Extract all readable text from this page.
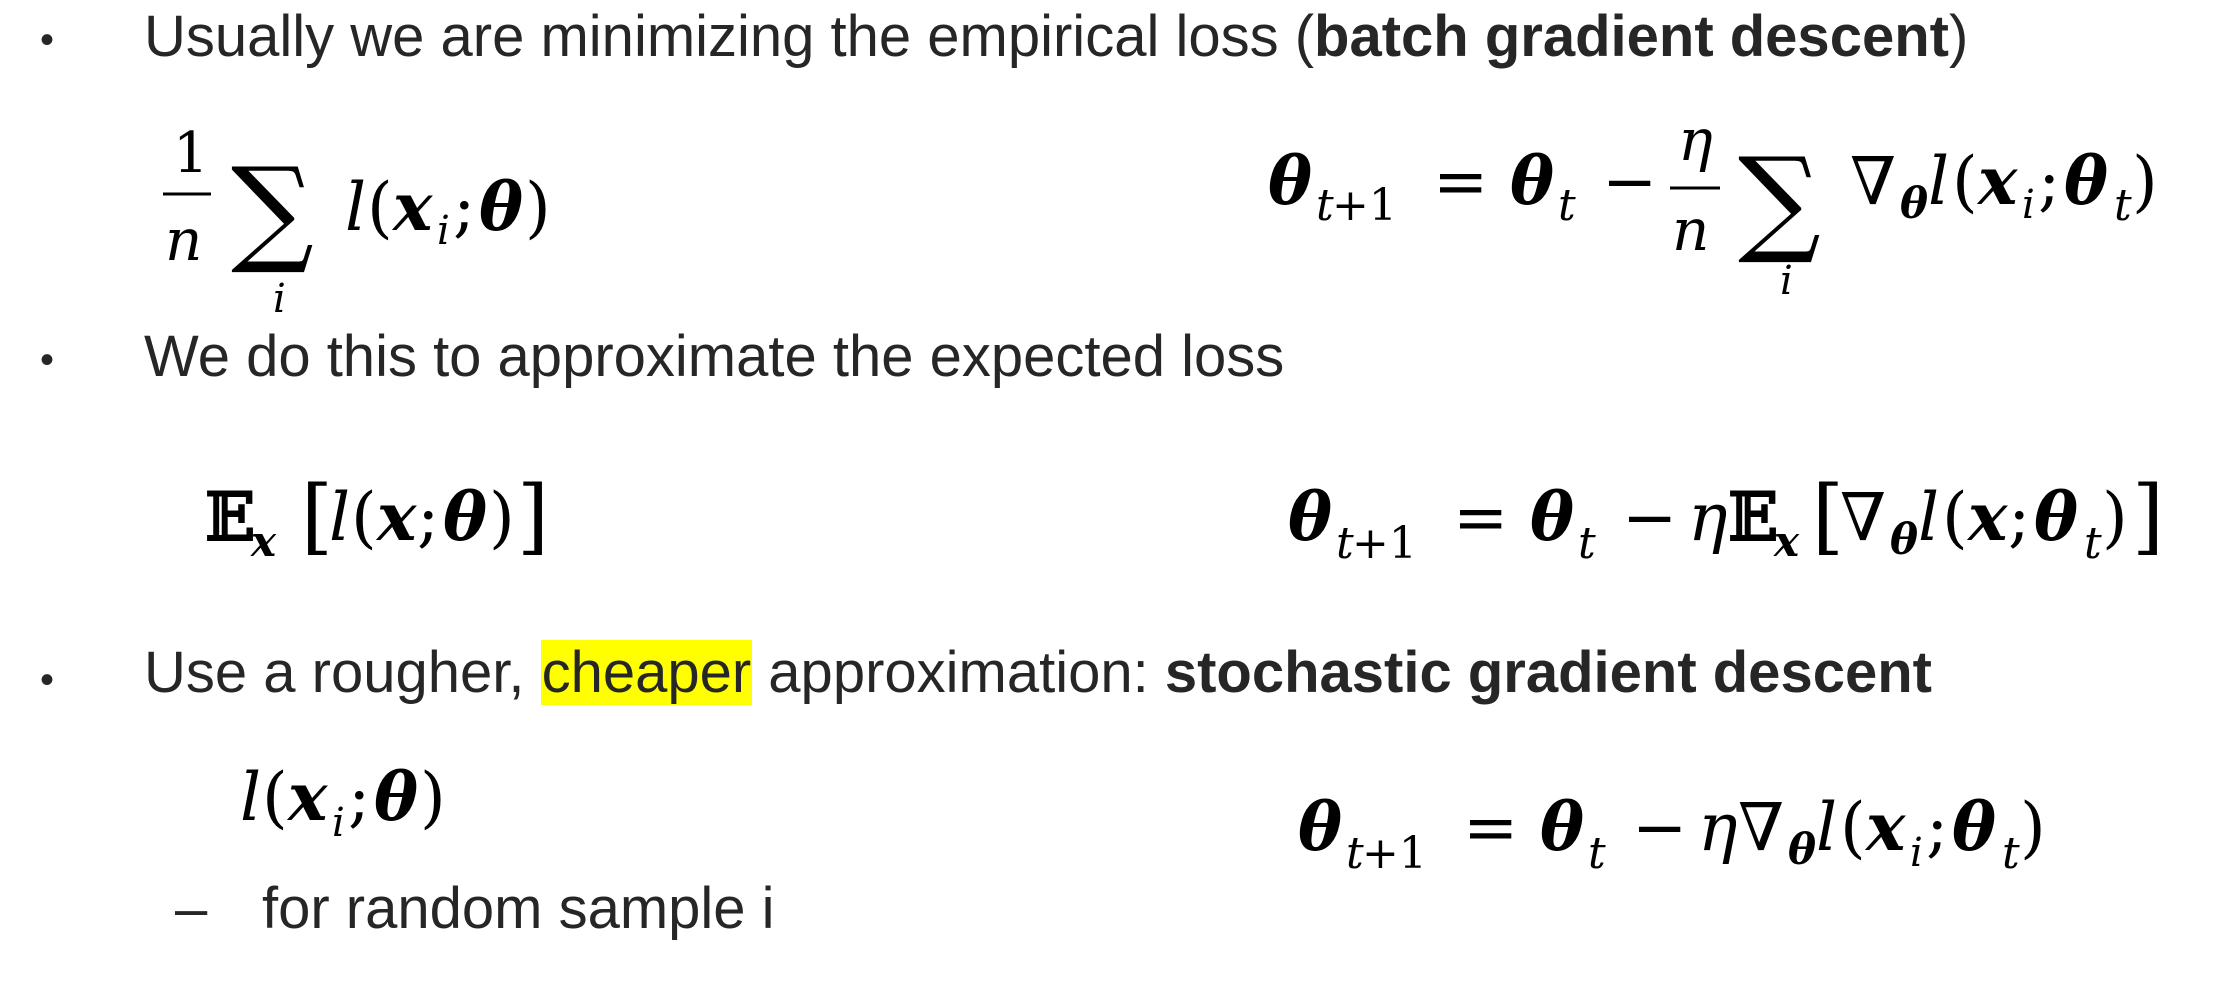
• Usually we are minimizing the empirical loss (batch gradient descent)
1
n ∑
i
l ( x i ; θ )	θ t
+1 = θ t −
η
n ∑
i
∇ θ l ( x i ; θ t )
• We do this to approximate the expected loss
𝔼
x [
l ( x ; θ ) ]	θ t
+1 = θ t − η 𝔼
x [
∇ θ l ( x ; θ t ) ]
• Use a rougher, cheaper approximation: stochastic gradient descent
l ( x i ; θ )	θ t
+1 = θ t − η ∇ θ l ( x i ; θ t )
– for random sample i
